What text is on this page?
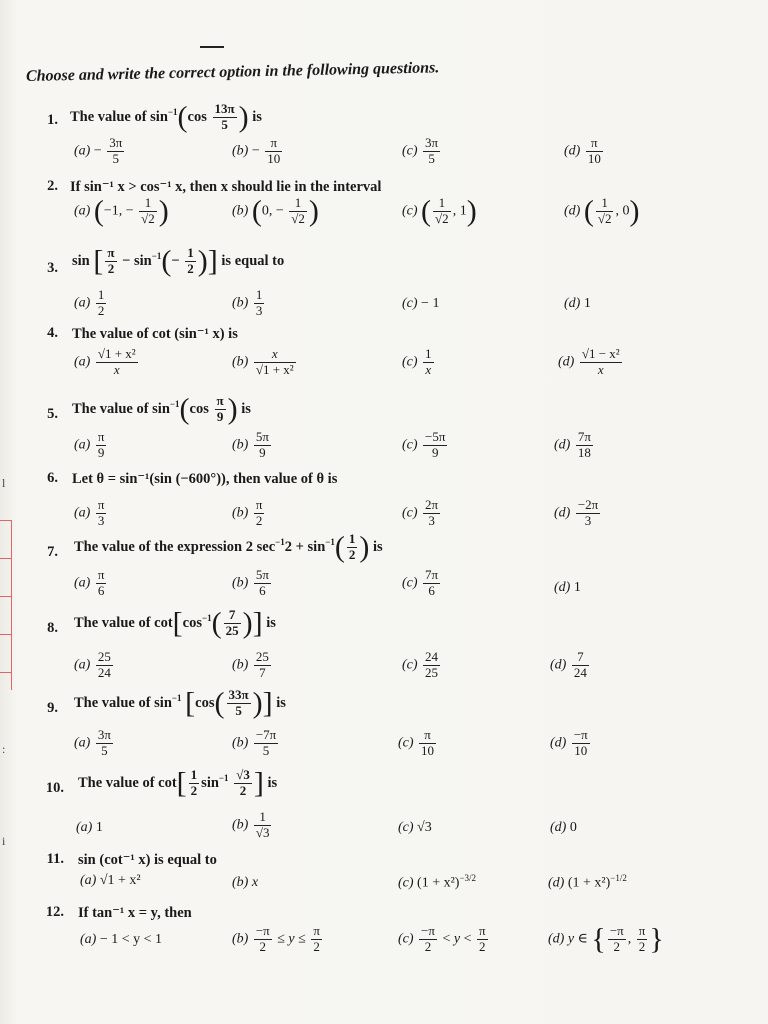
l
:
i
Choose and write the correct option in the following questions.
1. The value of $\sin^{-1}(\cos \frac{13\pi}{5}$ ) is
$(a) - \frac{3\pi}{5}$	$(b) - \frac{\pi}{10}$	$(c) \frac{3\pi}{5}$	$(d) \frac{\pi}{10}$
2. If sin⁻¹ x > cos⁻¹ x, then x should lie in the interval
(a) (−1, − $\frac{1}{√2}$ )	(b) (0, − $\frac{1}{√2}$ )	(c) ( $\frac{1}{√2}$ , 1)	(d) ( $\frac{1}{√2}$ , 0)
3. sin [ $\frac{\pi}{2} - \sin^{-1}(- \frac{1}{2}$ )] is equal to
$(a) \frac{1}{2}$	$(b) \frac{1}{3}$	(c) − 1	(d) 1
4. The value of cot (sin⁻¹ x) is
$(a) \frac{\text{√1 + x²}}{x}$	$(b) \frac{x}{\text{√1 + x²}}$	$(c) \frac{1}{x}$	$(d) \frac{\text{√1 − x²}}{x}$
5. The value of $\sin^{-1}(\cos \frac{\pi}{9}$ ) is
$(a) \frac{\pi}{9}$	$(b) \frac{5\pi}{9}$	$(c) \frac{-5\pi}{9}$	$(d) \frac{7\pi}{18}$
6. Let θ = sin⁻¹(sin (−600°)), then value of θ is
$(a) \frac{\pi}{3}$	$(b) \frac{\pi}{2}$	$(c) \frac{2\pi}{3}$	$(d) \frac{-2\pi}{3}$
7. The value of the expression 2 $\sec^{-1}2 + \sin^{-1}( \frac{1}{2}$ ) is
$(a) \frac{\pi}{6}$	$(b) \frac{5\pi}{6}$	$(c) \frac{7\pi}{6}$	(d) 1
8. The value of $\cot[\cos^{-1}( \frac{7}{25}$ )] is
$(a) \frac{25}{24}$	$(b) \frac{25}{7}$	$(c) \frac{24}{25}$	$(d) \frac{7}{24}$
9. The value of $\sin^{-1} [\cos( \frac{33\pi}{5}$ )] is
$(a) \frac{3\pi}{5}$	$(b) \frac{-7\pi}{5}$	$(c) \frac{\pi}{10}$	$(d) \frac{-\pi}{10}$
10. The value of $\cot[ \frac{1}{2} \sin^{-1} \frac{√3}{2}$ ] is
(a) 1	$(b) \frac{1}{√3}$	(c) √3	(d) 0
11. sin (cot⁻¹ x) is equal to
(a) √1 + x²	(b) x	(c) $(1 + x^2)^{-3/2}$	(d) $(1 + x^2)^{-1/2}$
12. If tan⁻¹ x = y, then
(a) − 1 < y < 1	$(b) \frac{-\pi}{2} \le y \le \frac{\pi}{2}$	$(c) \frac{-\pi}{2} < y < \frac{\pi}{2}$	(d) y ∈ { $\frac{-\pi}{2}$ , $\frac{\pi}{2}$ }
